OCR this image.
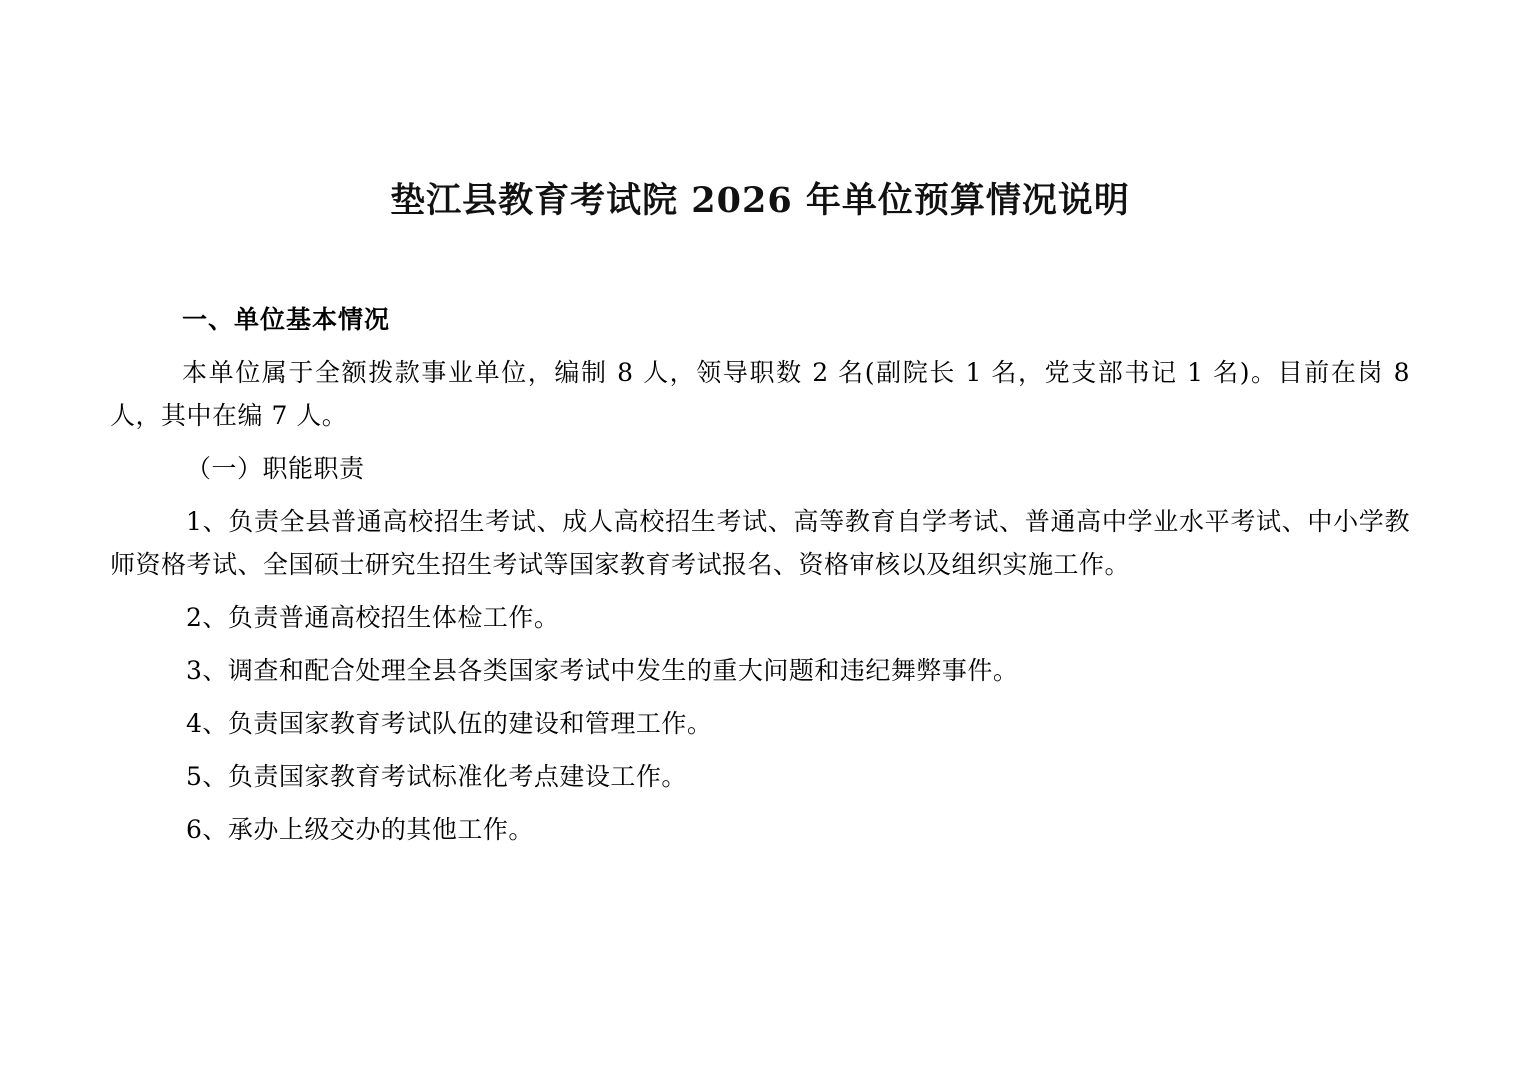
垫江县教育考试院 2026 年单位预算情况说明
一、单位基本情况

本单位属于全额拨款事业单位，编制 8 人，领导职数 2 名(副院长 1 名，党支部书记 1 名)。目前在岗 8 人，其中在编 7 人。

（一）职能职责

1、负责全县普通高校招生考试、成人高校招生考试、高等教育自学考试、普通高中学业水平考试、中小学教师资格考试、全国硕士研究生招生考试等国家教育考试报名、资格审核以及组织实施工作。

2、负责普通高校招生体检工作。

3、调查和配合处理全县各类国家考试中发生的重大问题和违纪舞弊事件。

4、负责国家教育考试队伍的建设和管理工作。

5、负责国家教育考试标准化考点建设工作。

6、承办上级交办的其他工作。
